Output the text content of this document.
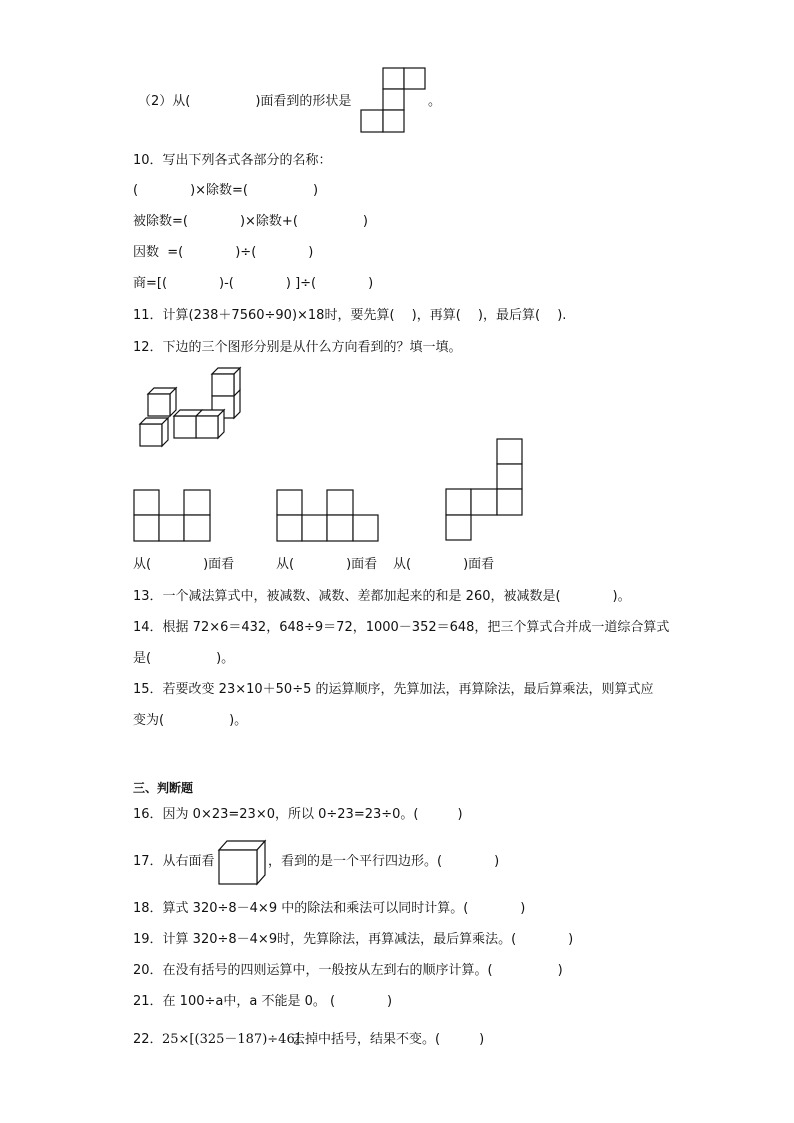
（2）从(　　　　　)面看到的形状是	。
10．写出下列各式各部分的名称：
(　　　　)×除数=(　　　　　)
被除数=(　　　　)×除数+(　　　　　)
因数  =(　　　　)÷(　　　　)
商=[(　　　　)-(　　　　) ]÷(　　　　)
11．计算(238＋7560÷90)×18时，要先算(　 )，再算(　 )，最后算(　 ).
12．下边的三个图形分别是从什么方向看到的？填一填。
从(　　　　)面看	从(　　　　)面看 从(　　　　)面看
13．一个减法算式中，被减数、减数、差都加起来的和是 260，被减数是(　　　　)。
14．根据 72×6＝432，648÷9＝72，1000－352＝648，把三个算式合并成一道综合算式
是(　　　　　)。
15．若要改变 23×10＋50÷5 的运算顺序，先算加法，再算除法，最后算乘法，则算式应
变为(　　　　　)。
三、判断题
16．因为 0×23=23×0，所以 0÷23=23÷0。(　　　)
17．从右面看	，看到的是一个平行四边形。(　　　　)
18．算式 320÷8－4×9 中的除法和乘法可以同时计算。(　　　　)
19．计算 320÷8－4×9时，先算除法，再算减法，最后算乘法。(　　　　)
20．在没有括号的四则运算中，一般按从左到右的顺序计算。(　　　　　)
21．在 100÷a中，a 不能是 0。 (　　　　)
22． 25×[(325－187)÷46]
去掉中括号，结果不变。(　　　)
